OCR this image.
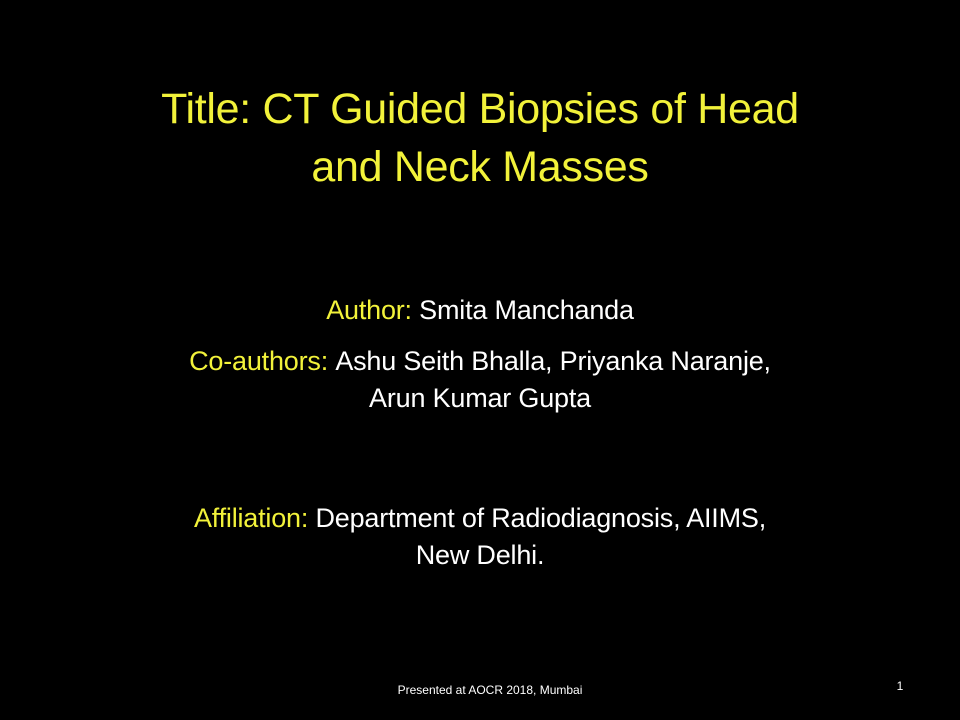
Title: CT Guided Biopsies of Head
and Neck Masses
Author: Smita Manchanda
Co-authors: Ashu Seith Bhalla, Priyanka Naranje,
Arun Kumar Gupta
Affiliation: Department of Radiodiagnosis, AIIMS,
New Delhi.
Presented at AOCR 2018, Mumbai	1
